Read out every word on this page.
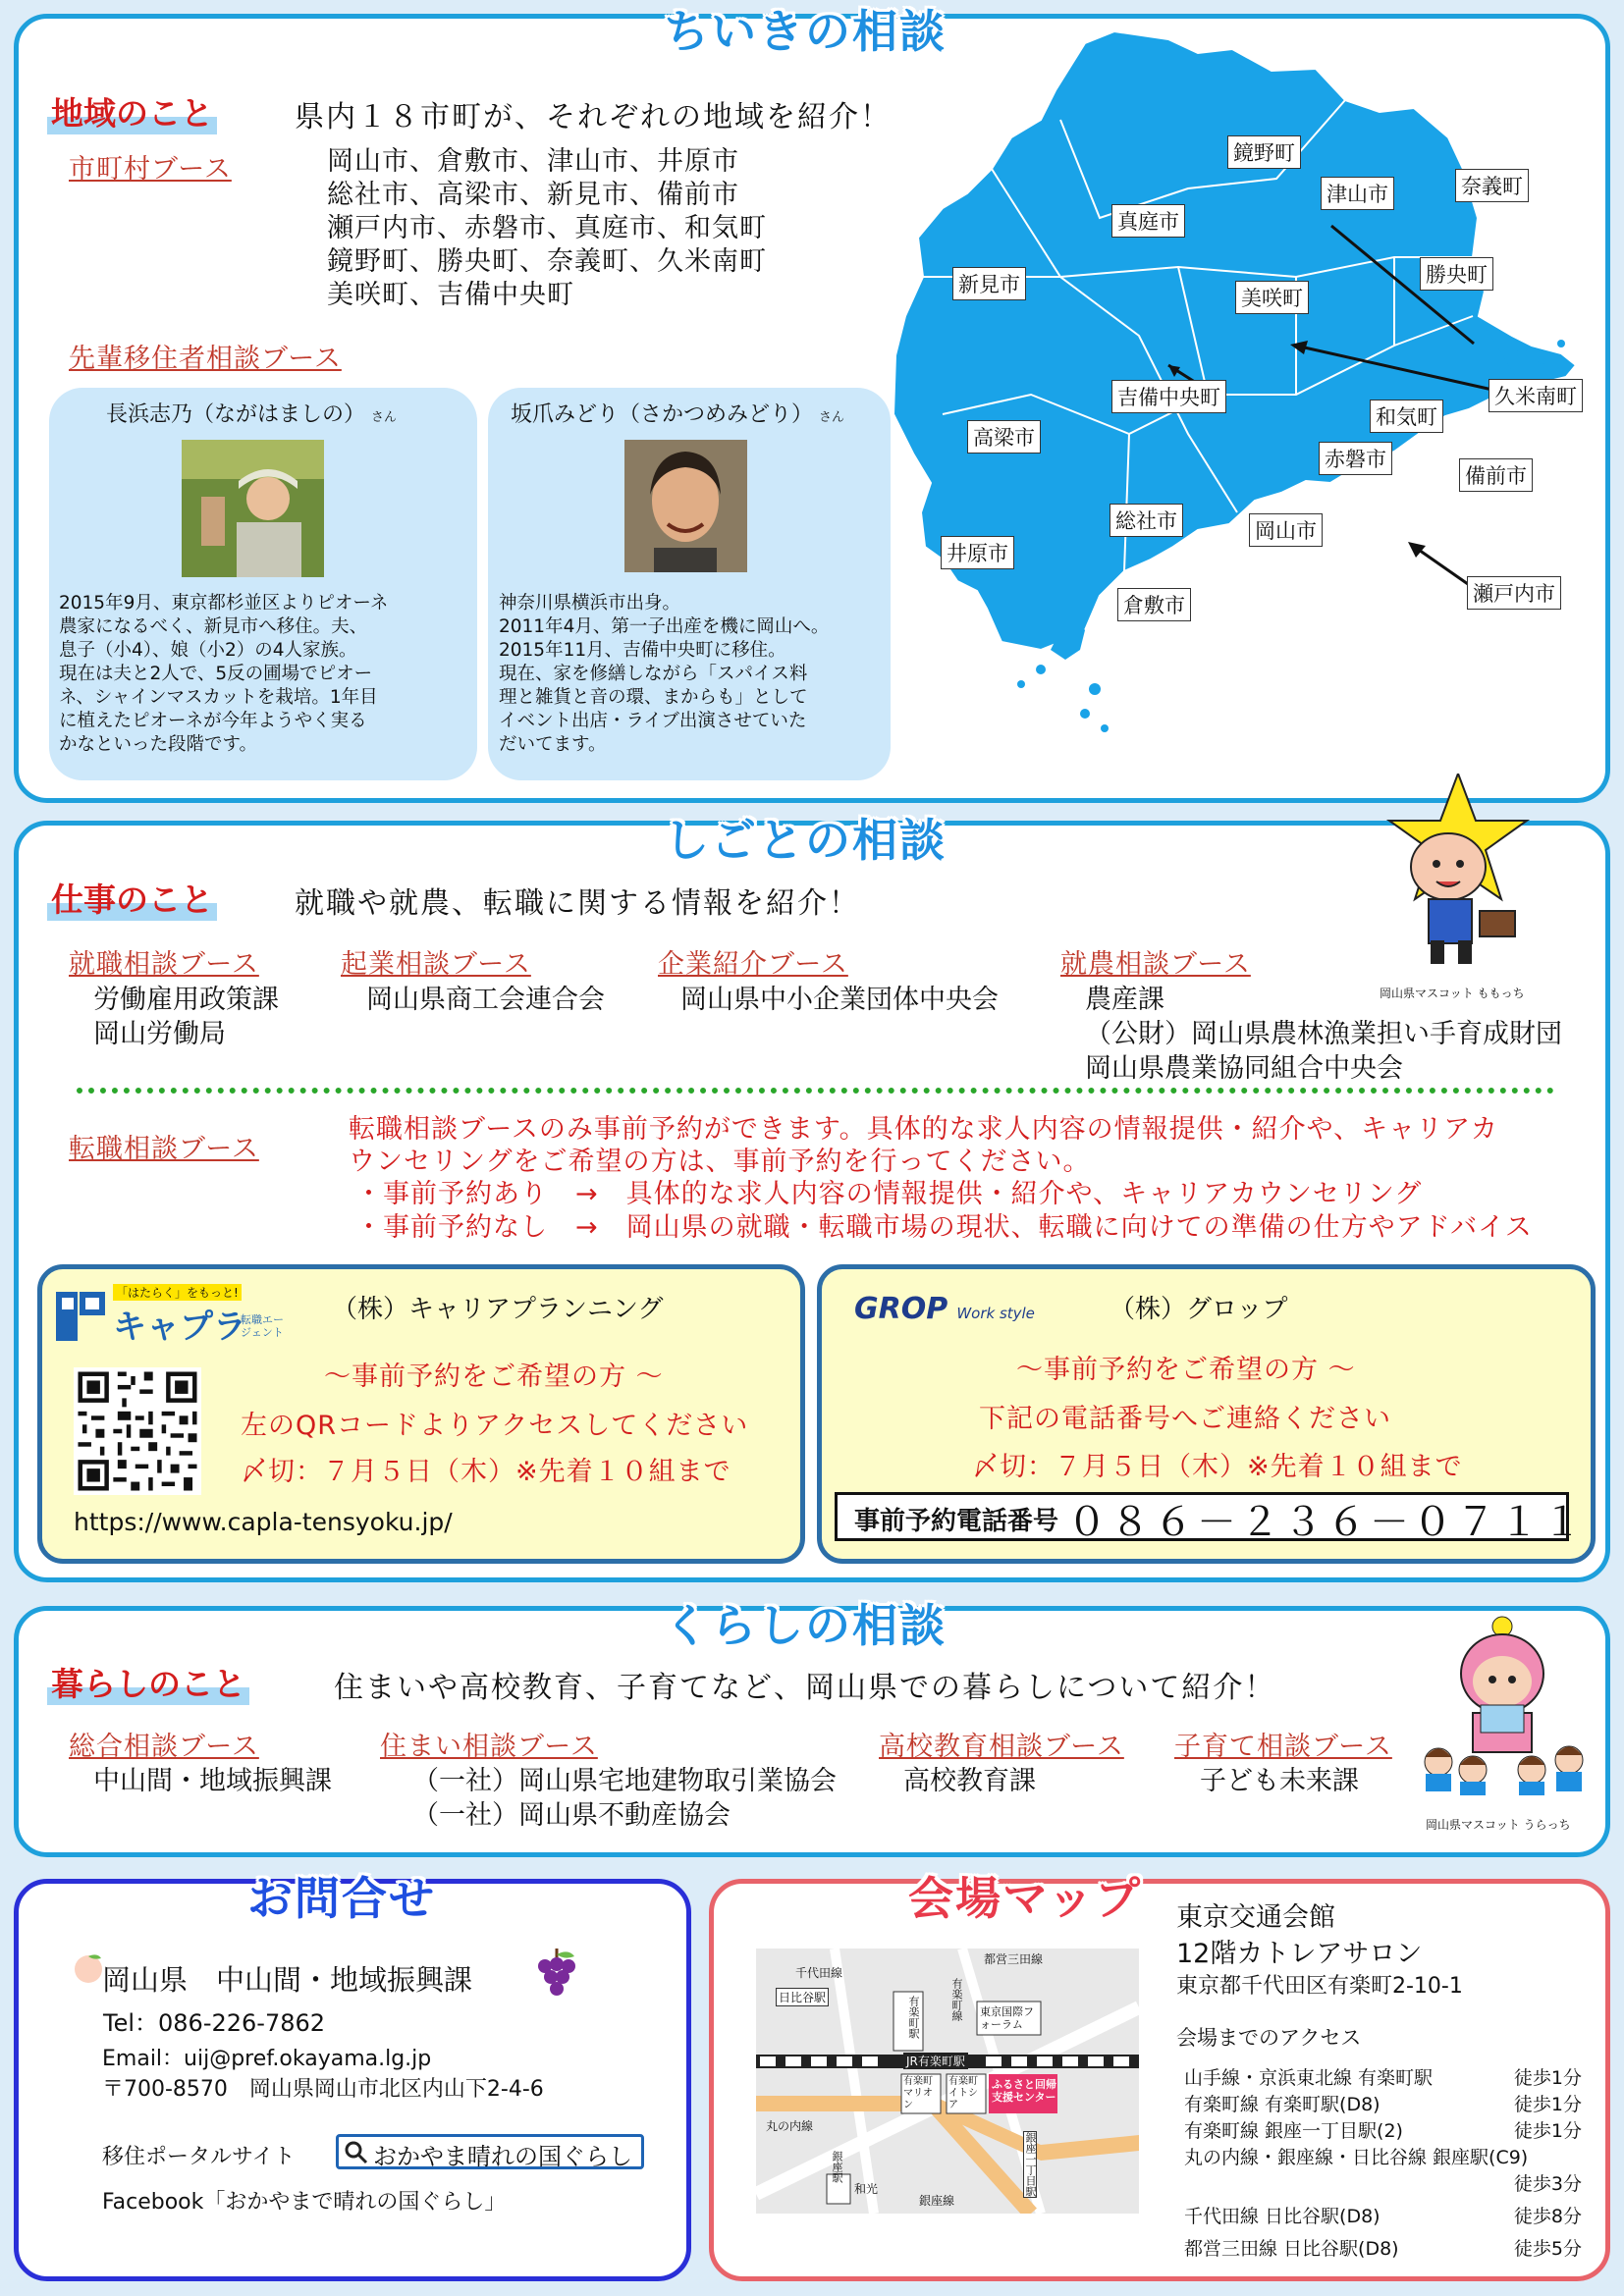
ちいきの相談
鏡野町
津山市	奈義町
真庭市
新見市
美咲町
勝央町
久米南町
吉備中央町
和気町
高梁市
赤磐市
備前市
総社市	岡山市
井原市
倉敷市	瀬戸内市
地域のこと	県内１８市町が、それぞれの地域を紹介！
市町村ブース	岡山市、倉敷市、津山市、井原市
総社市、高梁市、新見市、備前市
瀬戸内市、赤磐市、真庭市、和気町
鏡野町、勝央町、奈義町、久米南町
美咲町、吉備中央町
先輩移住者相談ブース
長浜志乃（ながはましの） さん
2015年9月、東京都杉並区よりピオーネ
農家になるべく、新見市へ移住。夫、
息子（小4）、娘（小2）の4人家族。
現在は夫と2人で、5反の圃場でピオー
ネ、シャインマスカットを栽培。1年目
に植えたピオーネが今年ようやく実る
かなといった段階です。
坂爪みどり（さかつめみどり） さん
神奈川県横浜市出身。
2011年4月、第一子出産を機に岡山へ。
2015年11月、吉備中央町に移住。
現在、家を修繕しながら「スパイス料
理と雑貨と音の環、まからも」として
イベント出店・ライブ出演させていた
だいてます。
しごとの相談
岡山県マスコット ももっち
仕事のこと	就職や就農、転職に関する情報を紹介！
就職相談ブース
労働雇用政策課
岡山労働局
起業相談ブース
岡山県商工会連合会
企業紹介ブース
岡山県中小企業団体中央会
就農相談ブース
農産課
（公財）岡山県農林漁業担い手育成財団
岡山県農業協同組合中央会
転職相談ブース
転職相談ブースのみ事前予約ができます。具体的な求人内容の情報提供・紹介や、キャリアカ
ウンセリングをご希望の方は、事前予約を行ってください。
・事前予約あり　→　具体的な求人内容の情報提供・紹介や、キャリアカウンセリング
・事前予約なし　→　岡山県の就職・転職市場の現状、転職に向けての準備の仕方やアドバイス
「はたらく」をもっと!
キャプラ
転職エージェント
（株）キャリアプランニング
～事前予約をご希望の方 ～
左のQRコードよりアクセスしてください
〆切：７月５日（木）※先着１０組まで
https://www.capla-tensyoku.jp/
GROP Work style	（株）グロップ
～事前予約をご希望の方 ～
下記の電話番号へご連絡ください
〆切：７月５日（木）※先着１０組まで
事前予約電話番号 ０８６－２３６－０７１１
くらしの相談
岡山県マスコット うらっち
暮らしのこと	住まいや高校教育、子育てなど、岡山県での暮らしについて紹介！
総合相談ブース
中山間・地域振興課
住まい相談ブース
（一社）岡山県宅地建物取引業協会
（一社）岡山県不動産協会
高校教育相談ブース
高校教育課
子育て相談ブース
子ども未来課
お問合せ
岡山県　中山間・地域振興課
Tel：086-226-7862
Email：uij@pref.okayama.lg.jp
〒700-8570　岡山県岡山市北区内山下2-4-6
移住ポータルサイト	おかやま晴れの国ぐらし
Facebook「おかやまで晴れの国ぐらし」
会場マップ 東京交通会館
12階カトレアサロン
東京都千代田区有楽町2-10-1
会場までのアクセス
山手線・京浜東北線 有楽町駅	徒歩1分
有楽町線 有楽町駅(D8)	徒歩1分
有楽町線 銀座一丁目駅(2)	徒歩1分
丸の内線・銀座線・日比谷線 銀座駅(C9)
徒歩3分
千代田線 日比谷駅(D8)	徒歩8分
都営三田線 日比谷駅(D8)	徒歩5分
千代田線
都営三田線
日比谷駅	有楽町駅	有楽町線 東京国際フォーラム
JR有楽町駅
有楽町マリオン
有楽町イトシア
ふるさと回帰支援センター
丸の内線
銀座駅
和光
銀座線
銀座一丁目駅
